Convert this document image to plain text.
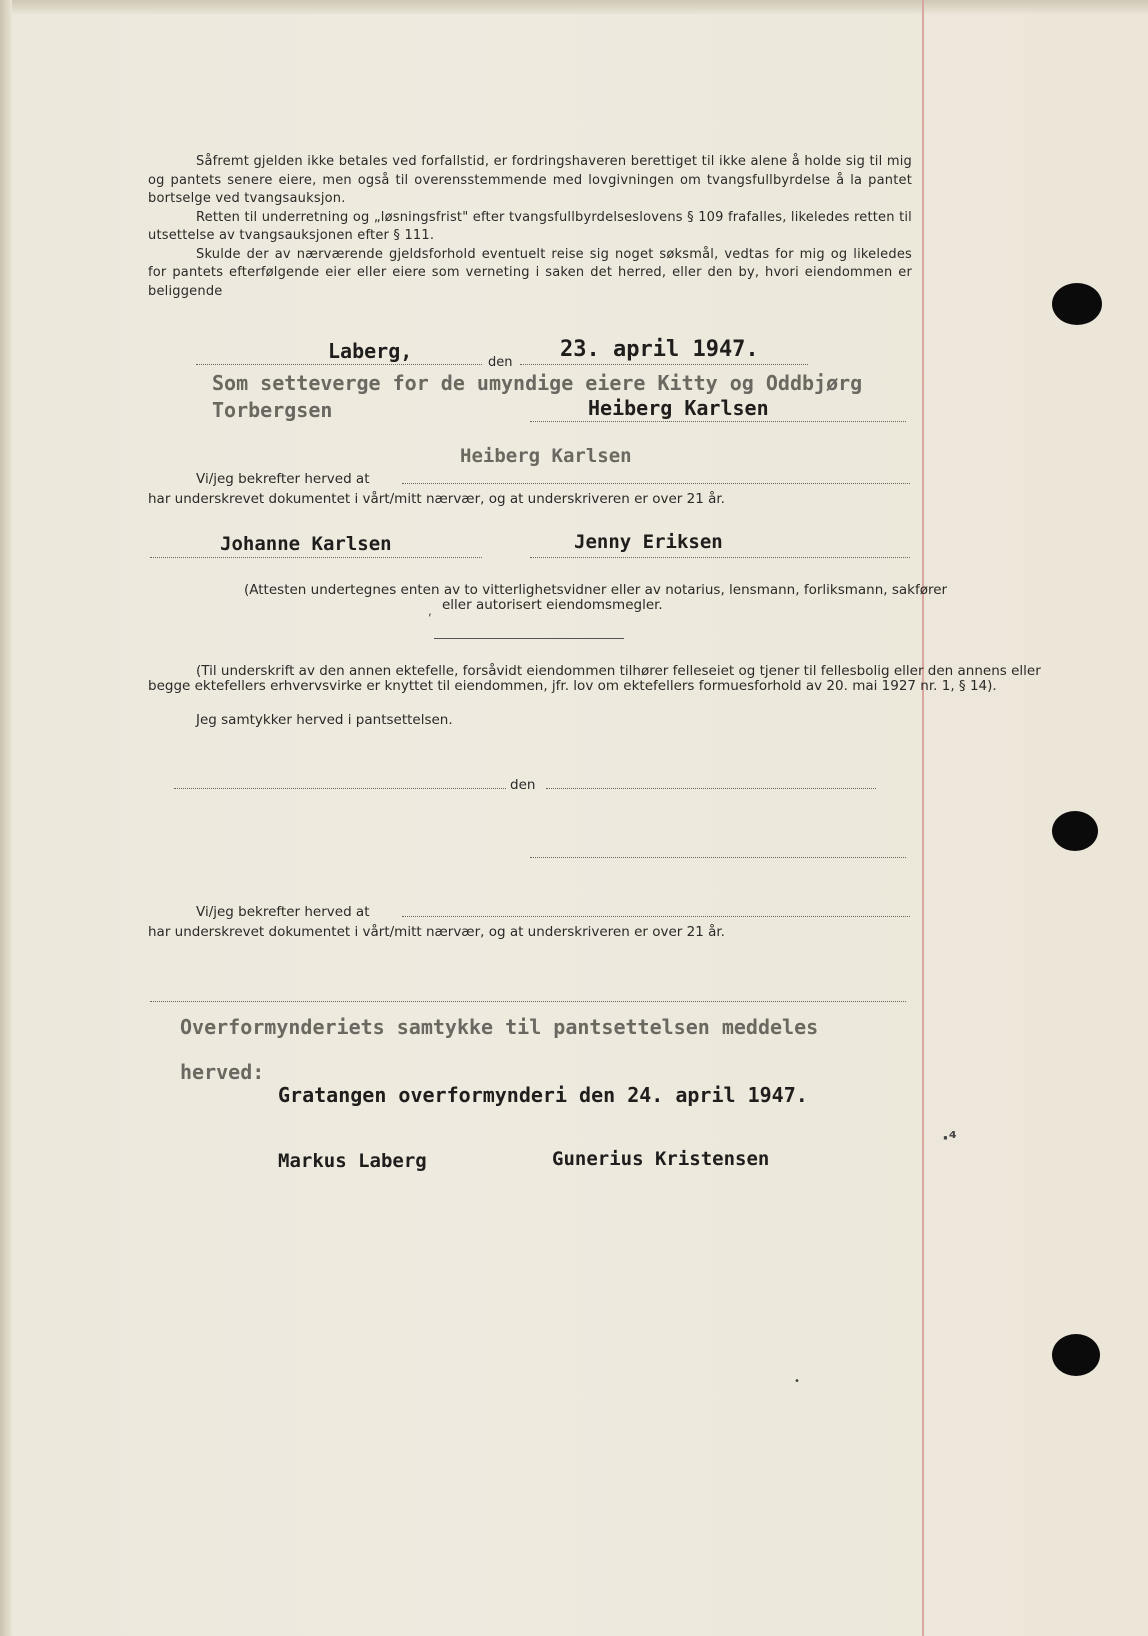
Såfremt gjelden ikke betales ved forfallstid, er fordringshaveren berettiget til ikke alene å holde sig til mig og pantets senere eiere, men også til overensstemmende med lovgivningen om tvangsfullbyrdelse å la pantet bortselge ved tvangsauksjon.

Retten til underretning og „løsningsfrist" efter tvangsfullbyrdelseslovens § 109 frafalles, likeledes retten til utsettelse av tvangsauksjonen efter § 111.

Skulde der av nærværende gjeldsforhold eventuelt reise sig noget søksmål, vedtas for mig og likeledes for pantets efterfølgende eier eller eiere som verneting i saken det herred, eller den by, hvori eiendommen er beliggende

Laberg,	den
23. april 1947.
Som setteverge for de umyndige eiere Kitty og Oddbjørg
Torbergsen	Heiberg Karlsen
Heiberg Karlsen
Vi/jeg bekrefter herved at
har underskrevet dokumentet i vårt/mitt nærvær, og at underskriveren er over 21 år.
Johanne Karlsen	Jenny Eriksen
(Attesten undertegnes enten av to vitterlighetsvidner eller av notarius, lensmann, forliksmann, sakfører
eller autorisert eiendomsmegler.
,
(Til underskrift av den annen ektefelle, forsåvidt eiendommen tilhører felleseiet og tjener til fellesbolig eller den annens eller
begge ektefellers erhvervsvirke er knyttet til eiendommen, jfr. lov om ektefellers formuesforhold av 20. mai 1927 nr. 1, § 14).
Jeg samtykker herved i pantsettelsen.
den
Vi/jeg bekrefter herved at
har underskrevet dokumentet i vårt/mitt nærvær, og at underskriveren er over 21 år.
Overformynderiets samtykke til pantsettelsen meddeles
herved:
Gratangen overformynderi den 24. april 1947.
Markus Laberg	Gunerius Kristensen
·⁴
•
